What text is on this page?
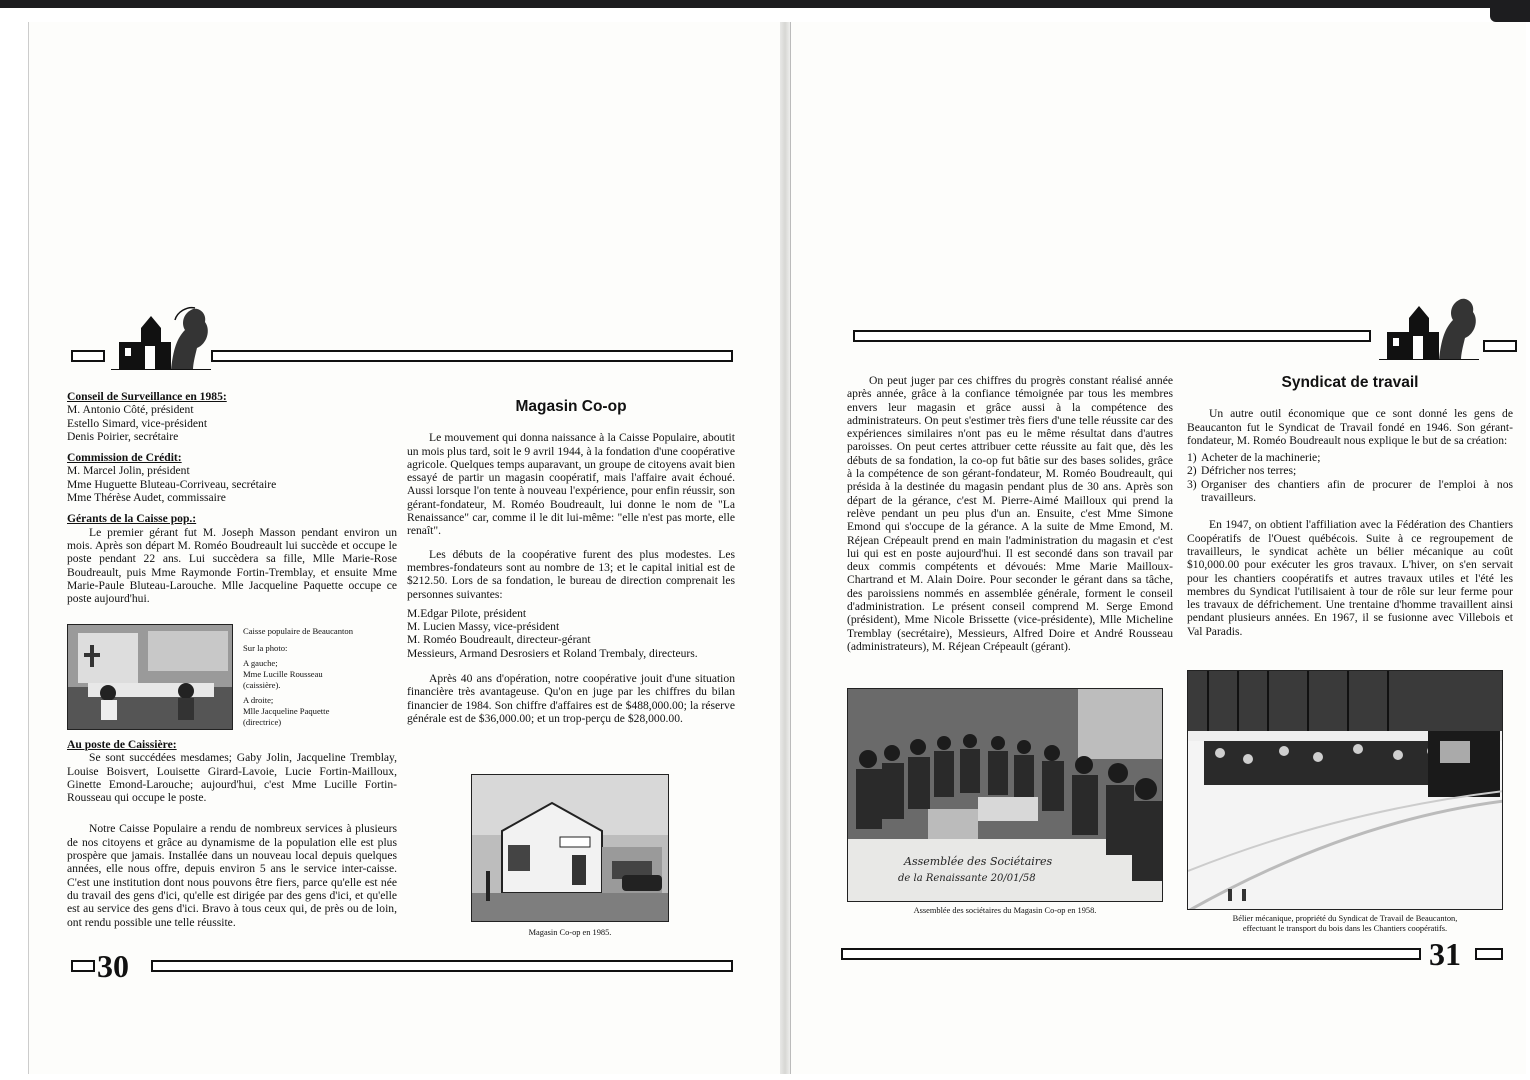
Conseil de Surveillance en 1985:

M. Antonio Côté, président

Estello Simard, vice-président

Denis Poirier, secrétaire

Commission de Crédit:

M. Marcel Jolin, président

Mme Huguette Bluteau-Corriveau, secrétaire

Mme Thérèse Audet, commissaire

Gérants de la Caisse pop.:

Le premier gérant fut M. Joseph Masson pendant environ un mois. Après son départ M. Roméo Boudreault lui succède et occupe le poste pendant 22 ans. Lui succèdera sa fille, Mlle Marie-Rose Boudreault, puis Mme Raymonde Fortin-Tremblay, et ensuite Mme Marie-Paule Bluteau-Larouche. Mlle Jacqueline Paquette occupe ce poste aujourd'hui.

Caisse populaire de Beaucanton

Sur la photo:

A gauche;

Mme Lucille Rousseau

(caissière).

A droite;

Mlle Jacqueline Paquette

(directrice)

Au poste de Caissière:

Se sont succédées mesdames; Gaby Jolin, Jacqueline Tremblay, Louise Boisvert, Louisette Girard-Lavoie, Lucie Fortin-Mailloux, Ginette Emond-Larouche; aujourd'hui, c'est Mme Lucille Fortin-Rousseau qui occupe le poste.

Notre Caisse Populaire a rendu de nombreux services à plusieurs de nos citoyens et grâce au dynamisme de la population elle est plus prospère que jamais. Installée dans un nouveau local depuis quelques années, elle nous offre, depuis environ 5 ans le service inter-caisse. C'est une institution dont nous pouvons être fiers, parce qu'elle est née du travail des gens d'ici, qu'elle est dirigée par des gens d'ici, et qu'elle est au service des gens d'ici. Bravo à tous ceux qui, de près ou de loin, ont rendu possible une telle réussite.

Magasin Co-op

Le mouvement qui donna naissance à la Caisse Populaire, aboutit un mois plus tard, soit le 9 avril 1944, à la fondation d'une coopérative agricole. Quelques temps auparavant, un groupe de citoyens avait bien essayé de partir un magasin coopératif, mais l'affaire avait échoué. Aussi lorsque l'on tente à nouveau l'expérience, pour enfin réussir, son gérant-fondateur, M. Roméo Boudreault, lui donne le nom de "La Renaissance" car, comme il le dit lui-même: "elle n'est pas morte, elle renaît".

Les débuts de la coopérative furent des plus modestes. Les membres-fondateurs sont au nombre de 13; et le capital initial est de $212.50. Lors de sa fondation, le bureau de direction comprenait les personnes suivantes:

M.Edgar Pilote, président

M. Lucien Massy, vice-président

M. Roméo Boudreault, directeur-gérant

Messieurs, Armand Desrosiers et Roland Trembaly, directeurs.

Après 40 ans d'opération, notre coopérative jouit d'une situation financière très avantageuse. Qu'on en juge par les chiffres du bilan financier de 1984. Son chiffre d'affaires est de $488,000.00; la réserve générale est de $36,000.00; et un trop-perçu de $28,000.00.

Magasin Co-op en 1985.

30

On peut juger par ces chiffres du progrès constant réalisé année après année, grâce à la confiance témoignée par tous les membres envers leur magasin et grâce aussi à la compétence des administrateurs. On peut s'estimer très fiers d'une telle réussite car des expériences similaires n'ont pas eu le même résultat dans d'autres paroisses. On peut certes attribuer cette réussite au fait que, dès les débuts de sa fondation, la co-op fut bâtie sur des bases solides, grâce à la compétence de son gérant-fondateur, M. Roméo Boudreault, qui présida à la destinée du magasin pendant plus de 30 ans. Après son départ de la gérance, c'est M. Pierre-Aimé Mailloux qui prend la relève pendant un peu plus d'un an. Ensuite, c'est Mme Simone Emond qui s'occupe de la gérance. A la suite de Mme Emond, M. Réjean Crépeault prend en main l'administration du magasin et c'est lui qui est en poste aujourd'hui. Il est secondé dans son travail par deux commis compétents et dévoués: Mme Marie Mailloux-Chartrand et M. Alain Doire. Pour seconder le gérant dans sa tâche, des paroissiens nommés en assemblée générale, forment le conseil d'administration. Le présent conseil comprend M. Serge Emond (président), Mme Nicole Brissette (vice-présidente), Mlle Micheline Tremblay (secrétaire), Messieurs, Alfred Doire et André Rousseau (administrateurs), M. Réjean Crépeault (gérant).

Assemblée des Sociétaires

de la Renaissante 20/01/58

Assemblée des sociétaires du Magasin Co-op en 1958.

Syndicat de travail

Un autre outil économique que ce sont donné les gens de Beaucanton fut le Syndicat de Travail fondé en 1946. Son gérant-fondateur, M. Roméo Boudreault nous explique le but de sa création:

1) Acheter de la machinerie;
2) Défricher nos terres;
3) Organiser des chantiers afin de procurer de l'emploi à nos travailleurs.

En 1947, on obtient l'affiliation avec la Fédération des Chantiers Coopératifs de l'Ouest québécois. Suite à ce regroupement de travailleurs, le syndicat achète un bélier mécanique au coût $10,000.00 pour exécuter les gros travaux. L'hiver, on s'en servait pour les chantiers coopératifs et autres travaux utiles et l'été les membres du Syndicat l'utilisaient à tour de rôle sur leur ferme pour les travaux de défrichement. Une trentaine d'homme travaillent ainsi pendant plusieurs années. En 1967, il se fusionne avec Villebois et Val Paradis.

Bélier mécanique, propriété du Syndicat de Travail de Beaucanton,

effectuant le transport du bois dans les Chantiers coopératifs.

31
